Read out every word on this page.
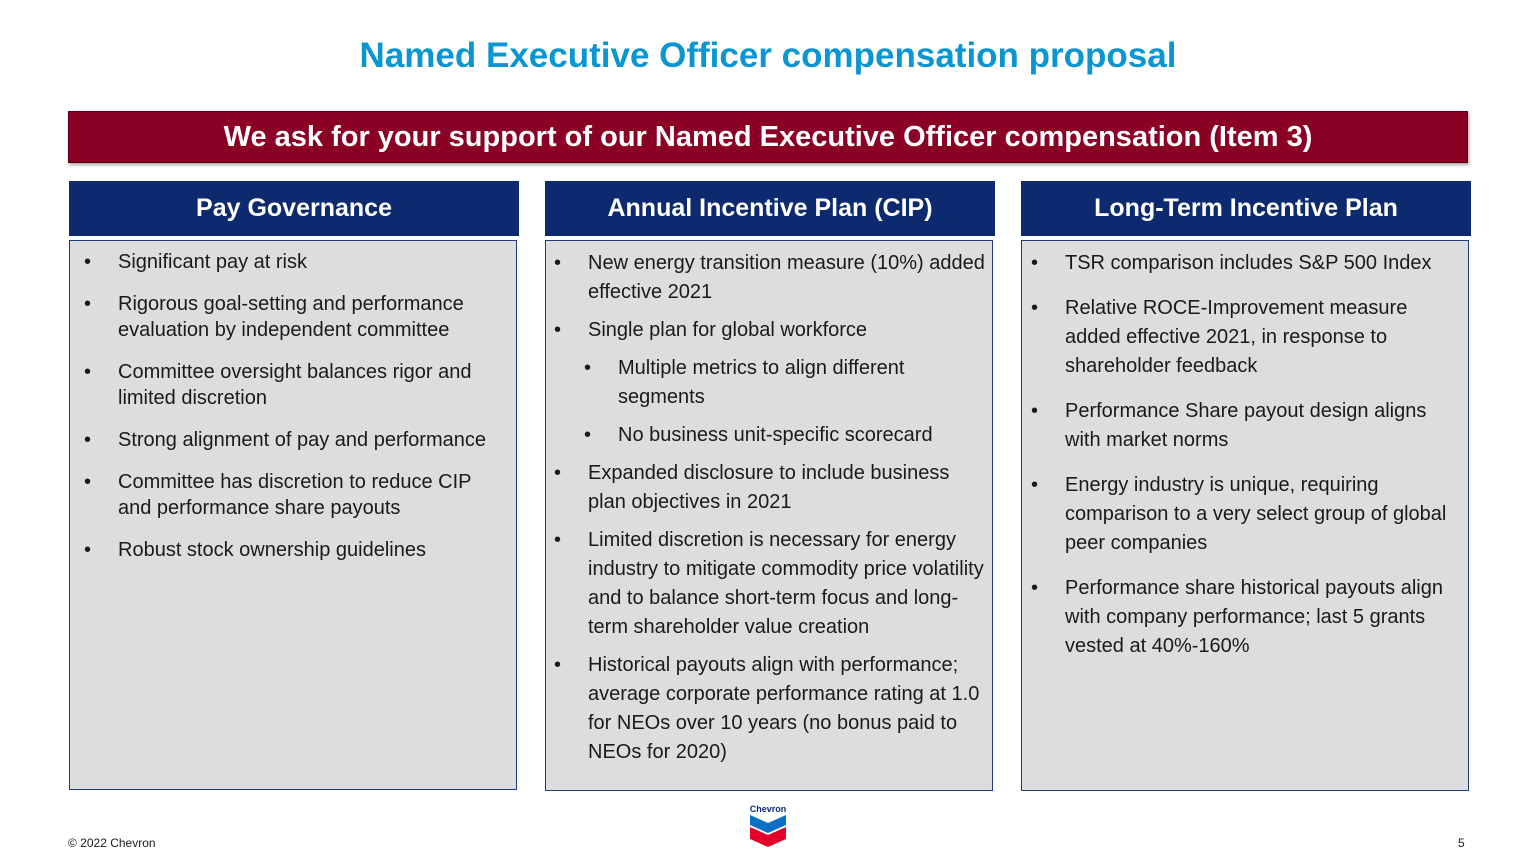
Named Executive Officer compensation proposal
We ask for your support of our Named Executive Officer compensation (Item 3)
Pay Governance
• Significant pay at risk
• Rigorous goal-setting and performance evaluation by independent committee
• Committee oversight balances rigor and limited discretion
• Strong alignment of pay and performance
• Committee has discretion to reduce CIP and performance share payouts
• Robust stock ownership guidelines
Annual Incentive Plan (CIP)
• New energy transition measure (10%) added effective 2021
• Single plan for global workforce
• Multiple metrics to align different segments
• No business unit-specific scorecard
• Expanded disclosure to include business plan objectives in 2021
• Limited discretion is necessary for energy industry to mitigate commodity price volatility and to balance short-term focus and long-term shareholder value creation
• Historical payouts align with performance; average corporate performance rating at 1.0 for NEOs over 10 years (no bonus paid to NEOs for 2020)
Long-Term Incentive Plan
• TSR comparison includes S&P 500 Index
• Relative ROCE-Improvement measure added effective 2021, in response to shareholder feedback
• Performance Share payout design aligns with market norms
• Energy industry is unique, requiring comparison to a very select group of global peer companies
• Performance share historical payouts align with company performance; last 5 grants vested at 40%-160%
© 2022 Chevron
Chevron
5
